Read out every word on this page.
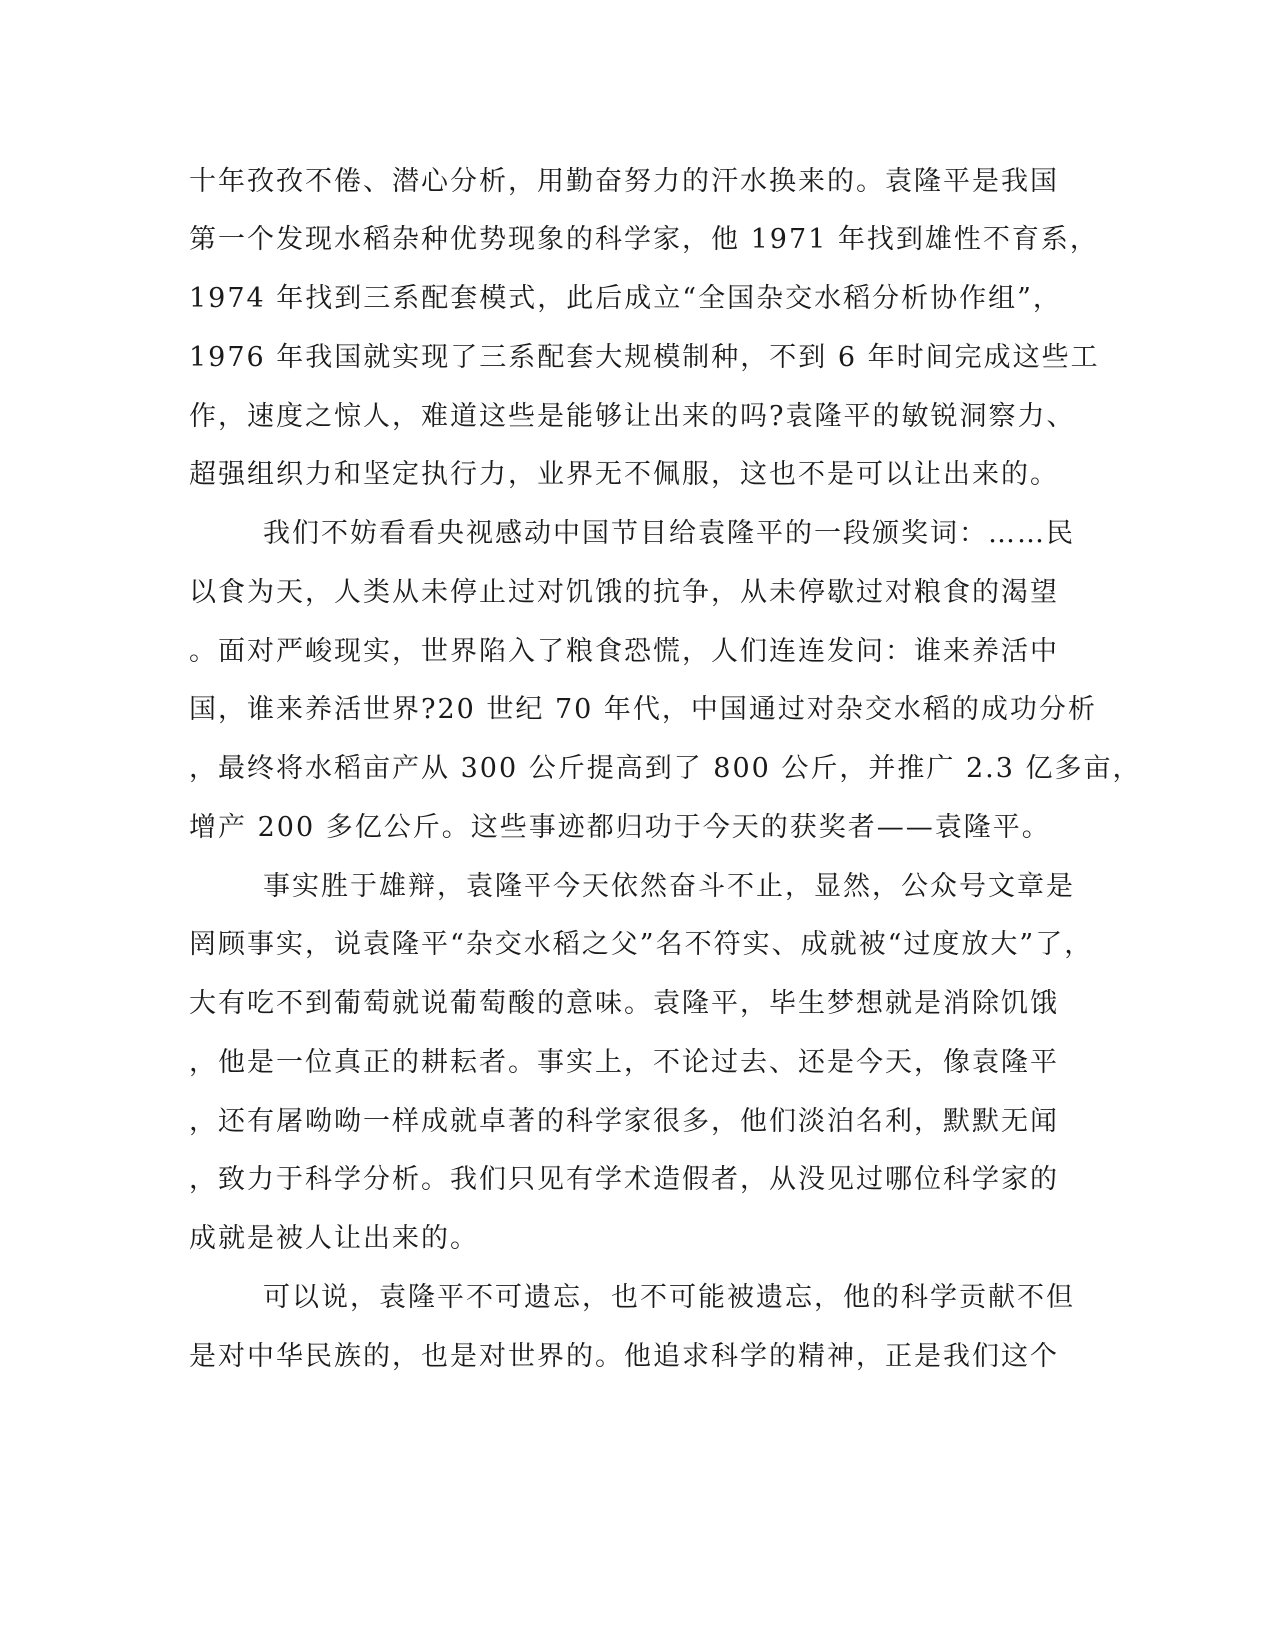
十年孜孜不倦、潜心分析，用勤奋努力的汗水换来的。袁隆平是我国
第一个发现水稻杂种优势现象的科学家，他 1971 年找到雄性不育系，
1974 年找到三系配套模式，此后成立“全国杂交水稻分析协作组”，
1976 年我国就实现了三系配套大规模制种，不到 6 年时间完成这些工
作，速度之惊人，难道这些是能够让出来的吗?袁隆平的敏锐洞察力、
超强组织力和坚定执行力，业界无不佩服，这也不是可以让出来的。
我们不妨看看央视感动中国节目给袁隆平的一段颁奖词：……民
以食为天，人类从未停止过对饥饿的抗争，从未停歇过对粮食的渴望
。面对严峻现实，世界陷入了粮食恐慌，人们连连发问：谁来养活中
国，谁来养活世界?20 世纪 70 年代，中国通过对杂交水稻的成功分析
，最终将水稻亩产从 300 公斤提高到了 800 公斤，并推广 2.3 亿多亩，
增产 200 多亿公斤。这些事迹都归功于今天的获奖者——袁隆平。
事实胜于雄辩，袁隆平今天依然奋斗不止，显然，公众号文章是
罔顾事实，说袁隆平“杂交水稻之父”名不符实、成就被“过度放大”了，
大有吃不到葡萄就说葡萄酸的意味。袁隆平，毕生梦想就是消除饥饿
，他是一位真正的耕耘者。事实上，不论过去、还是今天，像袁隆平
，还有屠呦呦一样成就卓著的科学家很多，他们淡泊名利，默默无闻
，致力于科学分析。我们只见有学术造假者，从没见过哪位科学家的
成就是被人让出来的。
可以说，袁隆平不可遗忘，也不可能被遗忘，他的科学贡献不但
是对中华民族的，也是对世界的。他追求科学的精神，正是我们这个
